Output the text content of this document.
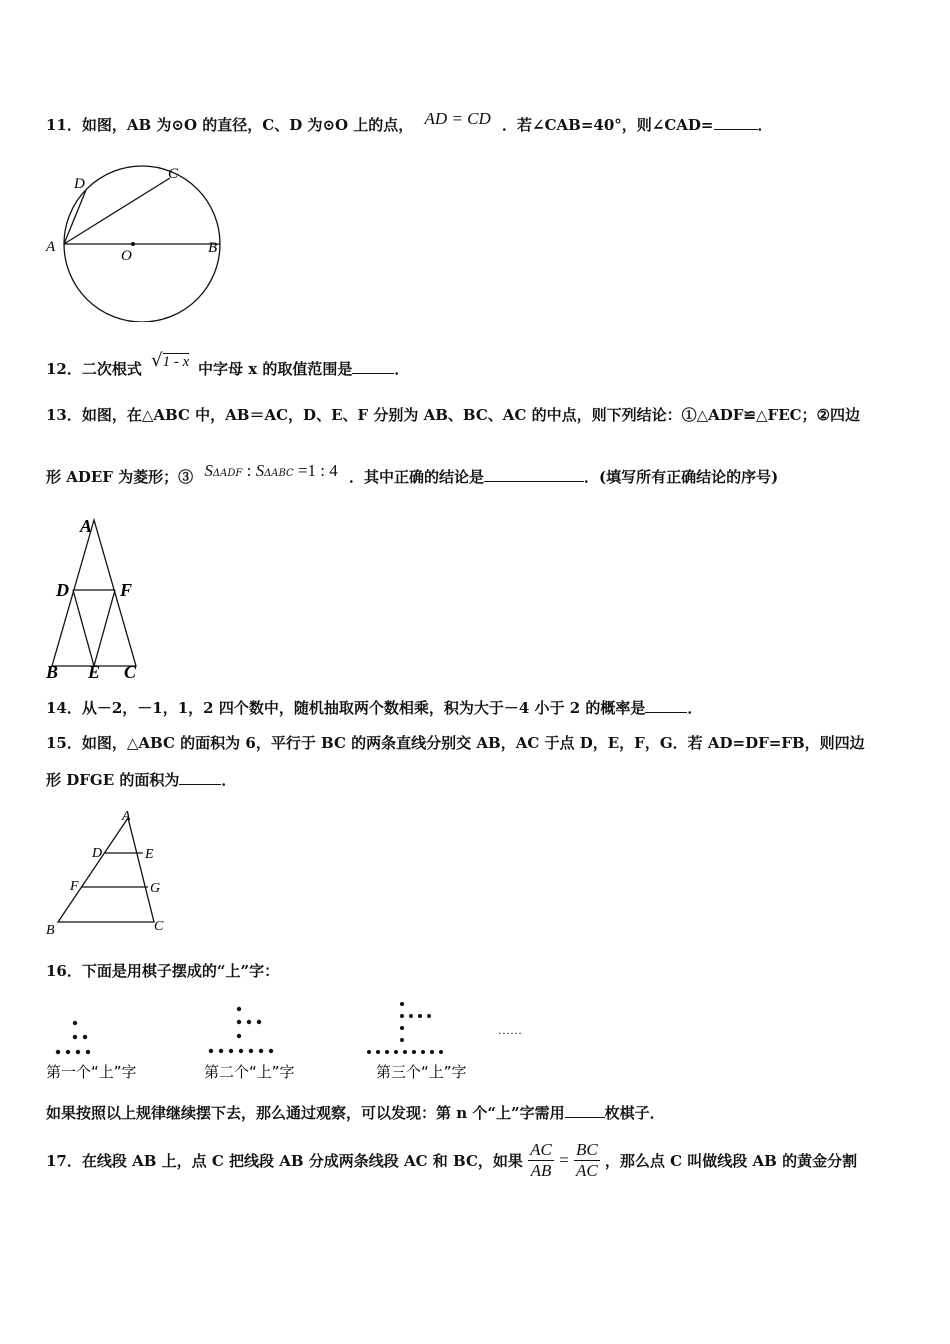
11．如图，AB 为⊙O 的直径，C、D 为⊙O 上的点， AD = CD ．若∠CAB=40°，则∠CAD=	．
A	B
C
D
O
12．二次根式 √1 - x 中字母 x 的取值范围是	．
13．如图，在△ABC 中，AB＝AC，D、E、F 分别为 AB、BC、AC 的中点，则下列结论：①△ADF≌△FEC；②四边
形 ADEF 为菱形；③ SΔADF : SΔABC =1 : 4 ．其中正确的结论是	．(填写所有正确结论的序号)
A
B	C
D
E
F
14．从－2，－1，1，2 四个数中，随机抽取两个数相乘，积为大于－4 小于 2 的概率是	．
15．如图，△ABC 的面积为 6，平行于 BC 的两条直线分别交 AB，AC 于点 D，E，F，G．若 AD=DF=FB，则四边
形 DFGE 的面积为	．
A
B	C
D	E
F	G
16．下面是用棋子摆成的“上”字：
……
第一个“上”字	第二个“上”字	第三个“上”字
如果按照以上规律继续摆下去，那么通过观察，可以发现：第 n 个“上”字需用	枚棋子．
17．在线段 AB 上，点 C 把线段 AB 分成两条线段 AC 和 BC，如果 $\frac{AC}{AB} = \frac{BC}{AC}$ ，那么点 C 叫做线段 AB 的黄金分割
